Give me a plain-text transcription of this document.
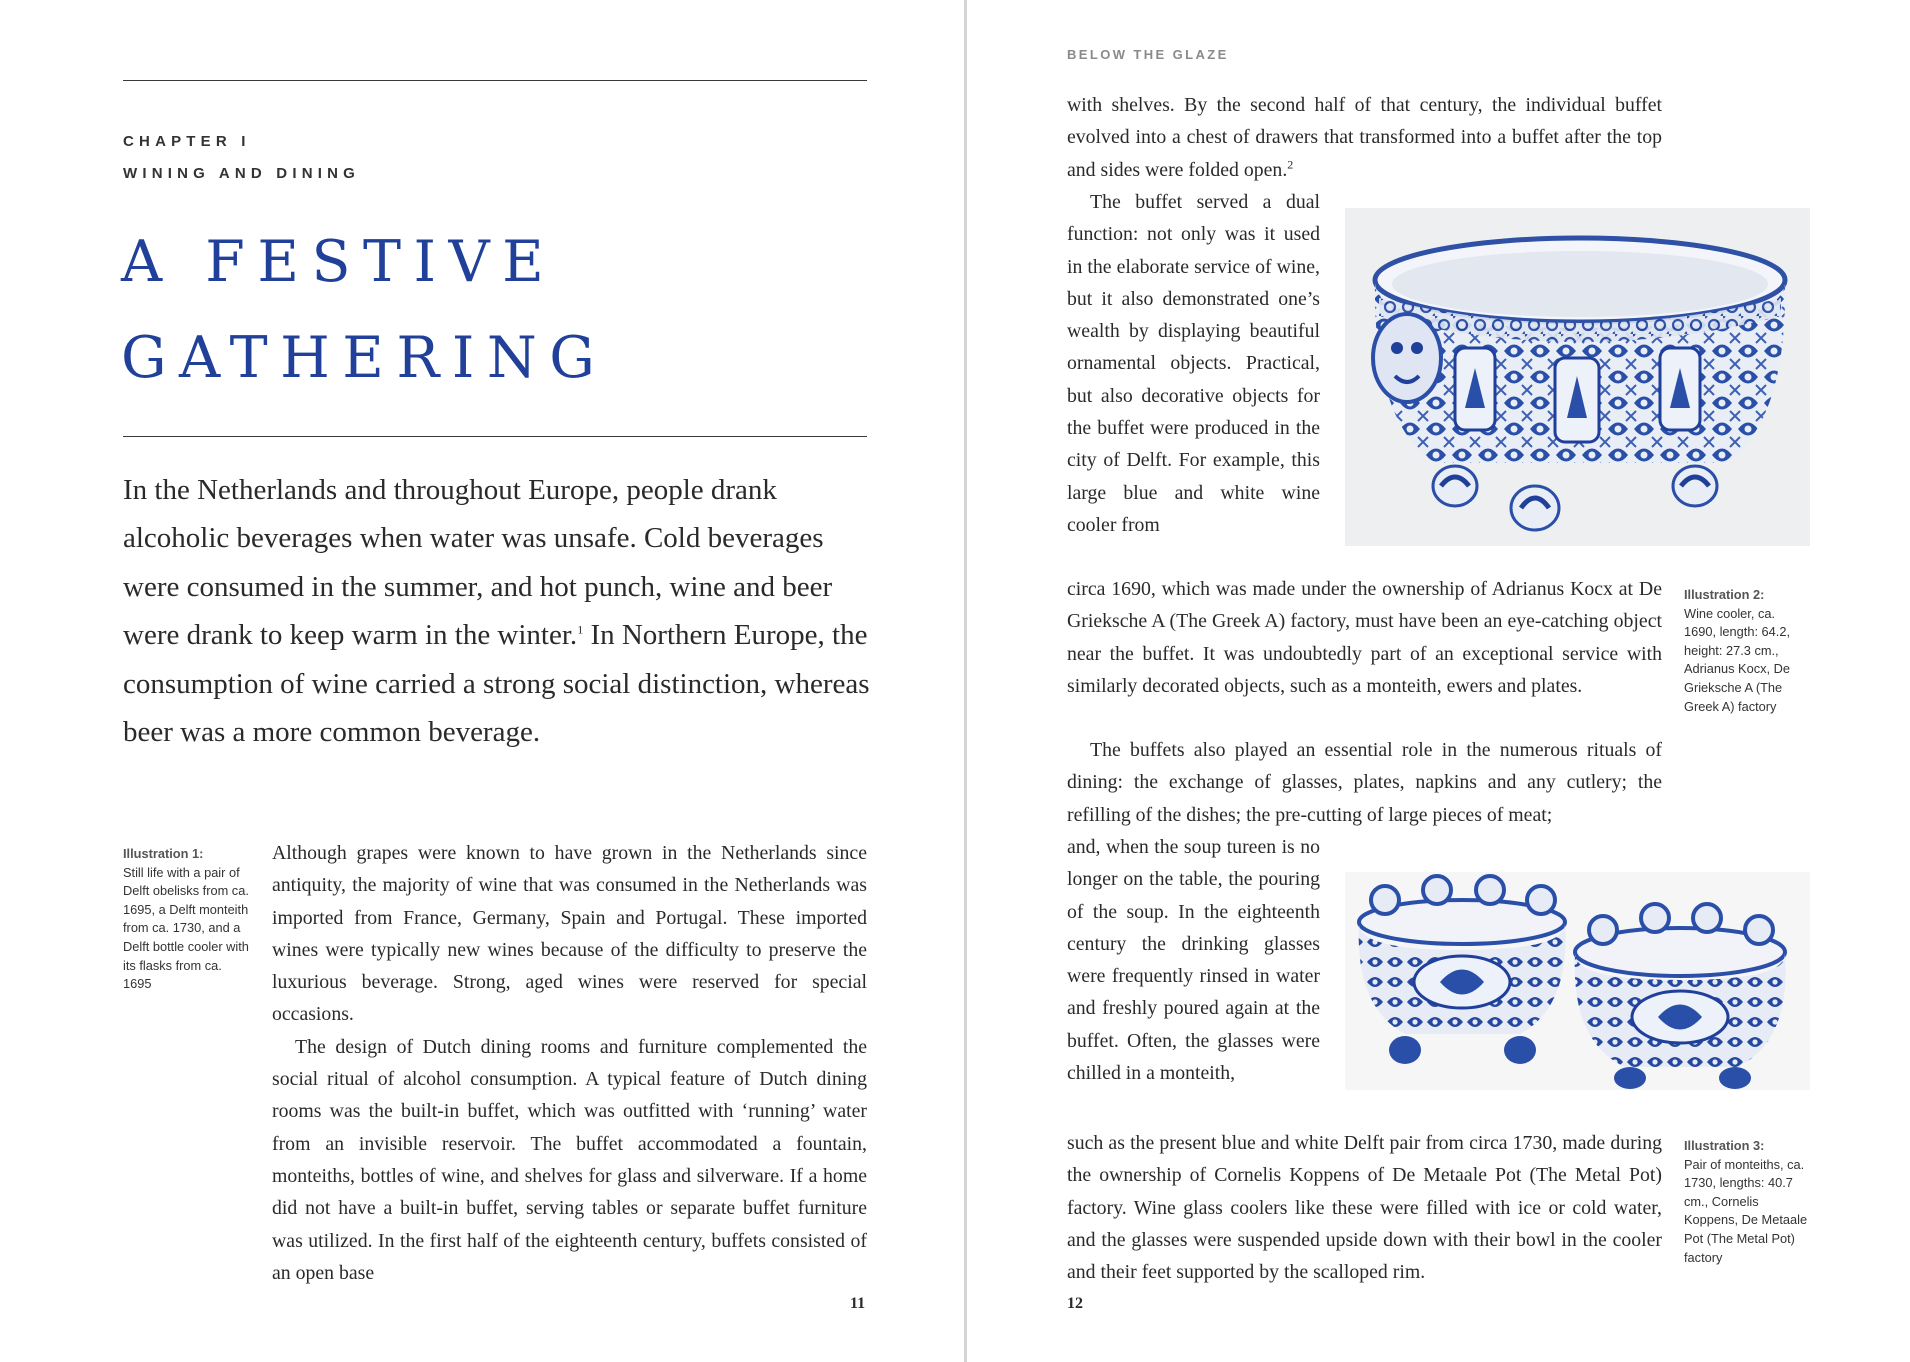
CHAPTER I
WINING AND DINING
A FESTIVE
GATHERING
In the Netherlands and throughout Europe, people drank alcoholic beverages when water was unsafe. Cold beverages were consumed in the summer, and hot punch, wine and beer were drank to keep warm in the winter.$^1$ In Northern Europe, the consumption of wine carried a strong social distinction, whereas beer was a more common beverage.
Illustration 1:
Still life with a pair of Delft obelisks from ca. 1695, a Delft monteith from ca. 1730, and a Delft bottle cooler with its flasks from ca. 1695

Although grapes were known to have grown in the Netherlands since antiquity, the majority of wine that was consumed in the Netherlands was imported from France, Germany, Spain and Portugal. These imported wines were typically new wines because of the difficulty to preserve the luxurious beverage. Strong, aged wines were reserved for special occasions.

The design of Dutch dining rooms and furniture complemented the social ritual of alcohol consumption. A typical feature of Dutch dining rooms was the built-in buffet, which was outfitted with ‘running’ water from an invisible reservoir. The buffet accommodated a fountain, monteiths, bottles of wine, and shelves for glass and silverware. If a home did not have a built-in buffet, serving tables or separate buffet furniture was utilized. In the first half of the eighteenth century, buffets consisted of an open base

11
BELOW THE GLAZE
with shelves. By the second half of that century, the individual buffet evolved into a chest of drawers that transformed into a buffet after the top and sides were folded open.$^2$
The buffet served a dual function: not only was it used in the elaborate service of wine, but it also demonstrated one’s wealth by displaying beautiful ornamental objects. Practical, but also decorative objects for the buffet were produced in the city of Delft. For example, this large blue and white wine cooler from
circa 1690, which was made under the ownership of Adrianus Kocx at De Grieksche A (The Greek A) factory, must have been an eye-catching object near the buffet. It was undoubtedly part of an exceptional service with similarly decorated objects, such as a monteith, ewers and plates.
Illustration 2:
Wine cooler, ca. 1690, length: 64.2, height: 27.3 cm., Adrianus Kocx, De Grieksche A (The Greek A) factory
The buffets also played an essential role in the numerous rituals of dining: the exchange of glasses, plates, napkins and any cutlery; the refilling of the dishes; the pre-cutting of large pieces of meat;
and, when the soup tureen is no longer on the table, the pouring of the soup. In the eighteenth century the drinking glasses were frequently rinsed in water and freshly poured again at the buffet. Often, the glasses were chilled in a monteith,
such as the present blue and white Delft pair from circa 1730, made during the ownership of Cornelis Koppens of De Metaale Pot (The Metal Pot) factory. Wine glass coolers like these were filled with ice or cold water, and the glasses were suspended upside down with their bowl in the cooler and their feet supported by the scalloped rim.
Illustration 3:
Pair of monteiths, ca. 1730, lengths: 40.7 cm., Cornelis Koppens, De Metaale Pot (The Metal Pot) factory
12
